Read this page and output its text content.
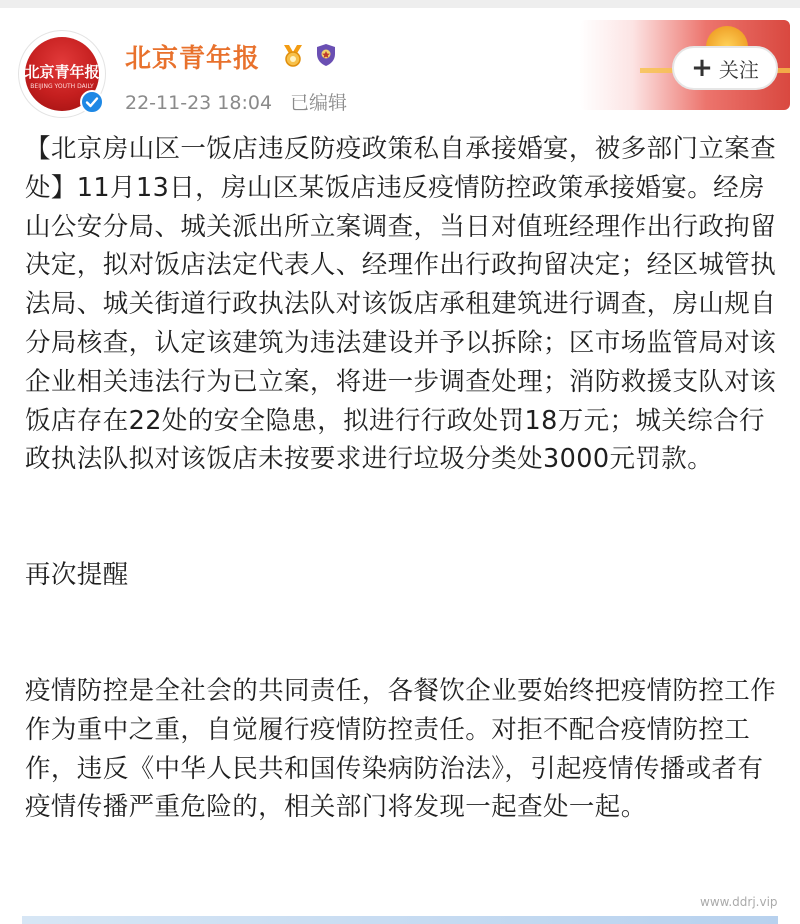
北京青年报
BEIJING YOUTH DAILY
北京青年报
22-11-23 18:04 已编辑
+ 关注

【北京房山区一饭店违反防疫政策私自承接婚宴，被多部门立案查处】11月13日，房山区某饭店违反疫情防控政策承接婚宴。经房山公安分局、城关派出所立案调查，当日对值班经理作出行政拘留决定，拟对饭店法定代表人、经理作出行政拘留决定；经区城管执法局、城关街道行政执法队对该饭店承租建筑进行调查，房山规自分局核查，认定该建筑为违法建设并予以拆除；区市场监管局对该企业相关违法行为已立案，将进一步调查处理；消防救援支队对该饭店存在22处的安全隐患，拟进行行政处罚18万元；城关综合行政执法队拟对该饭店未按要求进行垃圾分类处3000元罚款。

再次提醒

疫情防控是全社会的共同责任，各餐饮企业要始终把疫情防控工作作为重中之重，自觉履行疫情防控责任。对拒不配合疫情防控工作，违反《中华人民共和国传染病防治法》，引起疫情传播或者有疫情传播严重危险的，相关部门将发现一起查处一起。

www.ddrj.vip
